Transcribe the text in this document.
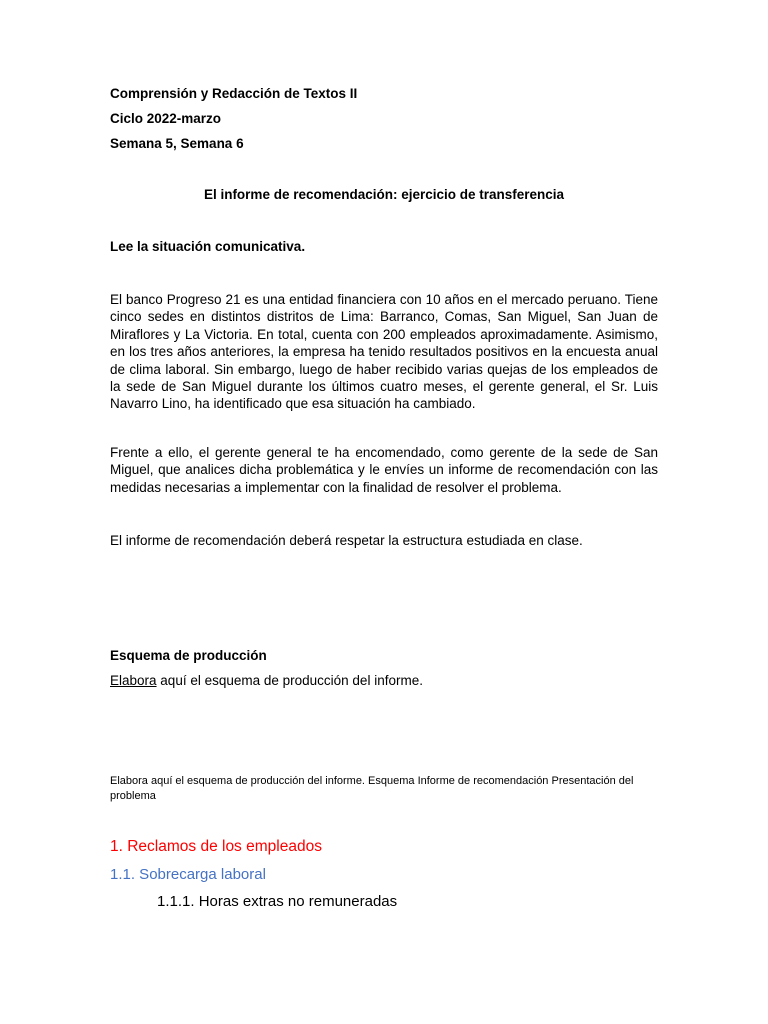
Comprensión y Redacción de Textos II

Ciclo 2022-marzo

Semana 5, Semana 6

El informe de recomendación: ejercicio de transferencia

Lee la situación comunicativa.

El banco Progreso 21 es una entidad financiera con 10 años en el mercado peruano. Tiene cinco sedes en distintos distritos de Lima: Barranco, Comas, San Miguel, San Juan de Miraflores y La Victoria. En total, cuenta con 200 empleados aproximadamente. Asimismo, en los tres años anteriores, la empresa ha tenido resultados positivos en la encuesta anual de clima laboral. Sin embargo, luego de haber recibido varias quejas de los empleados de la sede de San Miguel durante los últimos cuatro meses, el gerente general, el Sr. Luis Navarro Lino, ha identificado que esa situación ha cambiado.

Frente a ello, el gerente general te ha encomendado, como gerente de la sede de San Miguel, que analices dicha problemática y le envíes un informe de recomendación con las medidas necesarias a implementar con la finalidad de resolver el problema.

El informe de recomendación deberá respetar la estructura estudiada en clase.

Esquema de producción

Elabora aquí el esquema de producción del informe.

Elabora aquí el esquema de producción del informe. Esquema Informe de recomendación Presentación del problema

1. Reclamos de los empleados

1.1. Sobrecarga laboral

1.1.1. Horas extras no remuneradas
